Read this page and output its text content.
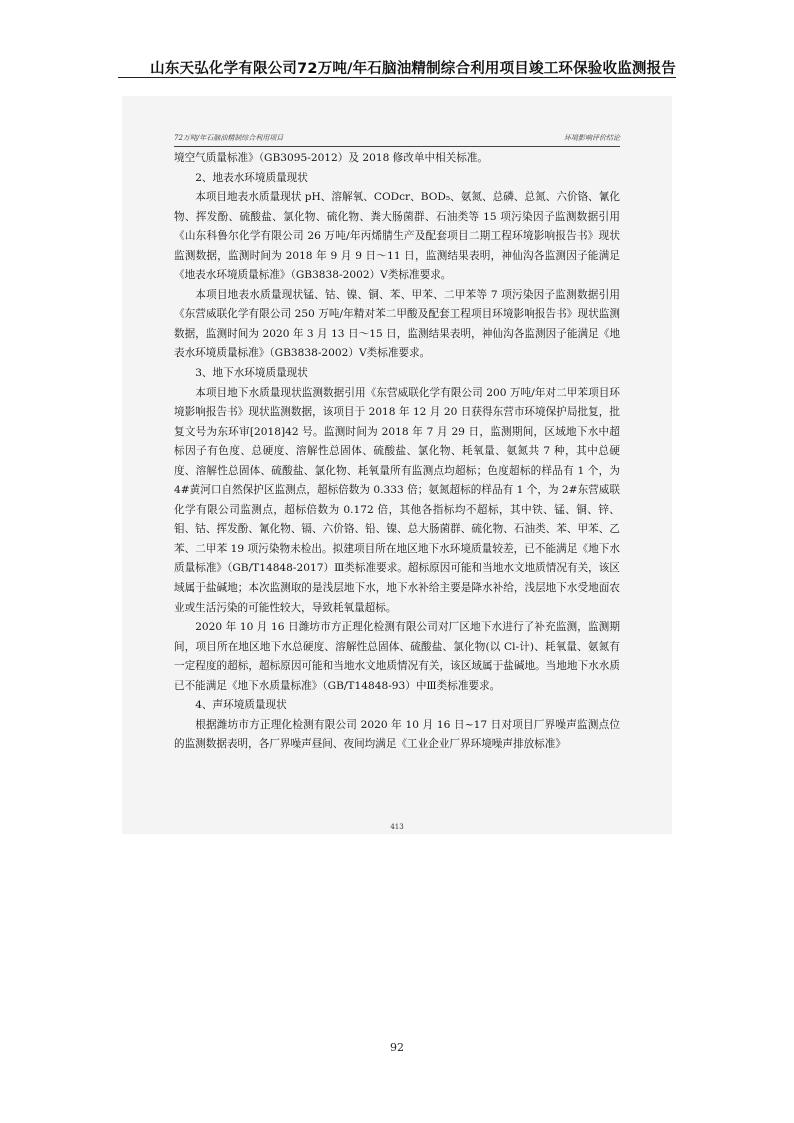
山东天弘化学有限公司72万吨/年石脑油精制综合利用项目竣工环保验收监测报告
72万吨/年石脑油精制综合利用项目	环境影响评价结论

境空气质量标准》（GB3095-2012）及 2018 修改单中相关标准。

2、地表水环境质量现状

本项目地表水质量现状 pH、溶解氧、CODcr、BOD₅、氨氮、总磷、总氮、六价铬、氰化物、挥发酚、硫酸盐、氯化物、硫化物、粪大肠菌群、石油类等 15 项污染因子监测数据引用《山东科鲁尔化学有限公司 26 万吨/年丙烯腈生产及配套项目二期工程环境影响报告书》现状监测数据，监测时间为 2018 年 9 月 9 日～11 日，监测结果表明，神仙沟各监测因子能满足《地表水环境质量标准》（GB3838-2002）Ⅴ类标准要求。

本项目地表水质量现状锰、钴、镍、铜、苯、甲苯、二甲苯等 7 项污染因子监测数据引用《东营威联化学有限公司 250 万吨/年精对苯二甲酸及配套工程项目环境影响报告书》现状监测数据，监测时间为 2020 年 3 月 13 日～15 日，监测结果表明，神仙沟各监测因子能满足《地表水环境质量标准》（GB3838-2002）Ⅴ类标准要求。

3、地下水环境质量现状

本项目地下水质量现状监测数据引用《东营威联化学有限公司 200 万吨/年对二甲苯项目环境影响报告书》现状监测数据，该项目于 2018 年 12 月 20 日获得东营市环境保护局批复，批复文号为东环审[2018]42 号。监测时间为 2018 年 7 月 29 日，监测期间，区域地下水中超标因子有色度、总硬度、溶解性总固体、硫酸盐、氯化物、耗氧量、氨氮共 7 种，其中总硬度、溶解性总固体、硫酸盐、氯化物、耗氧量所有监测点均超标；色度超标的样品有 1 个，为 4#黄河口自然保护区监测点，超标倍数为 0.333 倍；氨氮超标的样品有 1 个，为 2#东营威联化学有限公司监测点，超标倍数为 0.172 倍，其他各指标均不超标，其中铁、锰、铜、锌、钼、钴、挥发酚、氰化物、镉、六价铬、铅、镍、总大肠菌群、硫化物、石油类、苯、甲苯、乙苯、二甲苯 19 项污染物未检出。拟建项目所在地区地下水环境质量较差，已不能满足《地下水质量标准》（GB/T14848-2017）Ⅲ类标准要求。超标原因可能和当地水文地质情况有关，该区域属于盐碱地；本次监测取的是浅层地下水，地下水补给主要是降水补给，浅层地下水受地面农业或生活污染的可能性较大，导致耗氧量超标。

2020 年 10 月 16 日潍坊市方正理化检测有限公司对厂区地下水进行了补充监测，监测期间，项目所在地区地下水总硬度、溶解性总固体、硫酸盐、氯化物(以 Cl-计)、耗氧量、氨氮有一定程度的超标，超标原因可能和当地水文地质情况有关，该区域属于盐碱地。当地地下水水质已不能满足《地下水质量标准》（GB/T14848-93）中Ⅲ类标准要求。

4、声环境质量现状

根据潍坊市方正理化检测有限公司 2020 年 10 月 16 日~17 日对项目厂界噪声监测点位的监测数据表明，各厂界噪声昼间、夜间均满足《工业企业厂界环境噪声排放标准》

413
92
